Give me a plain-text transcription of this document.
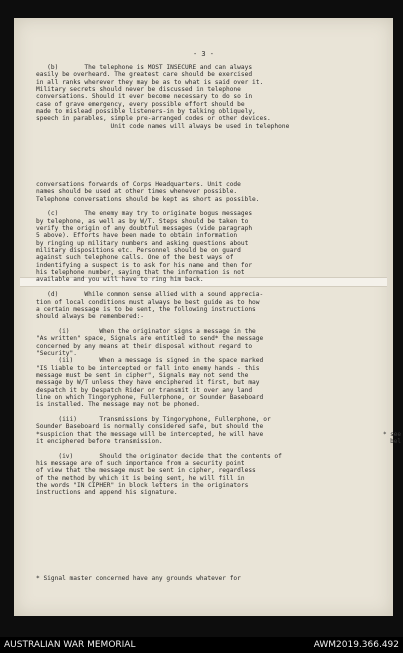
- 3 -
(b)       The telephone is MOST INSECURE and can always
easily be overheard. The greatest care should be exercised
in all ranks wherever they may be as to what is said over it.
Military secrets should never be discussed in telephone
conversations. Should it ever become necessary to do so in
case of grave emergency, every possible effort should be
made to mislead possible listeners-in by talking obliquely,
speech in parables, simple pre-arranged codes or other devices.
Unit code names will always be used in telephone
conversations forwards of Corps Headquarters. Unit code
names should be used at other times whenever possible.
Telephone conversations should be kept as short as possible.

(c)       The enemy may try to originate bogus messages
by telephone, as well as by W/T. Steps should be taken to
verify the origin of any doubtful messages (vide paragraph
5 above). Efforts have been made to obtain information
by ringing up military numbers and asking questions about
military dispositions etc. Personnel should be on guard
against such telephone calls. One of the best ways of
indentifying a suspect is to ask for his name and then for
his telephone number, saying that the information is not
available and you will have to ring him back.

(d)       While common sense allied with a sound apprecia-
tion of local conditions must always be best guide as to how
a certain message is to be sent, the following instructions
should always be remembered:-

(i)        When the originator signs a message in the
"As written" space, Signals are entitled to send* the message
concerned by any means at their disposal without regard to
"Security".
(ii)       When a message is signed in the space marked
"IS liable to be intercepted or fall into enemy hands - this
message must be sent in cipher", Signals may not send the
message by W/T unless they have enciphered it first, but may
despatch it by Despatch Rider or transmit it over any land
line on which Tingoryphone, Fullerphone, or Sounder Baseboard
is installed. The message may not be phoned.

(iii)      Transmissions by Tingoryphone, Fullerphone, or
Sounder Baseboard is normally considered safe, but should the
*suspicion that the message will be intercepted, he will have
it enciphered before transmission.

(iv)       Should the originator decide that the contents of
his message are of such importance from a security point
of view that the message must be sent in cipher, regardless
of the method by which it is being sent, he will fill in
the words "IN CIPHER" in block letters in the originators
instructions and append his signature.
* Signal master concerned have any grounds whatever for
* see
bel
AUSTRALIAN WAR MEMORIAL	AWM2019.366.492
